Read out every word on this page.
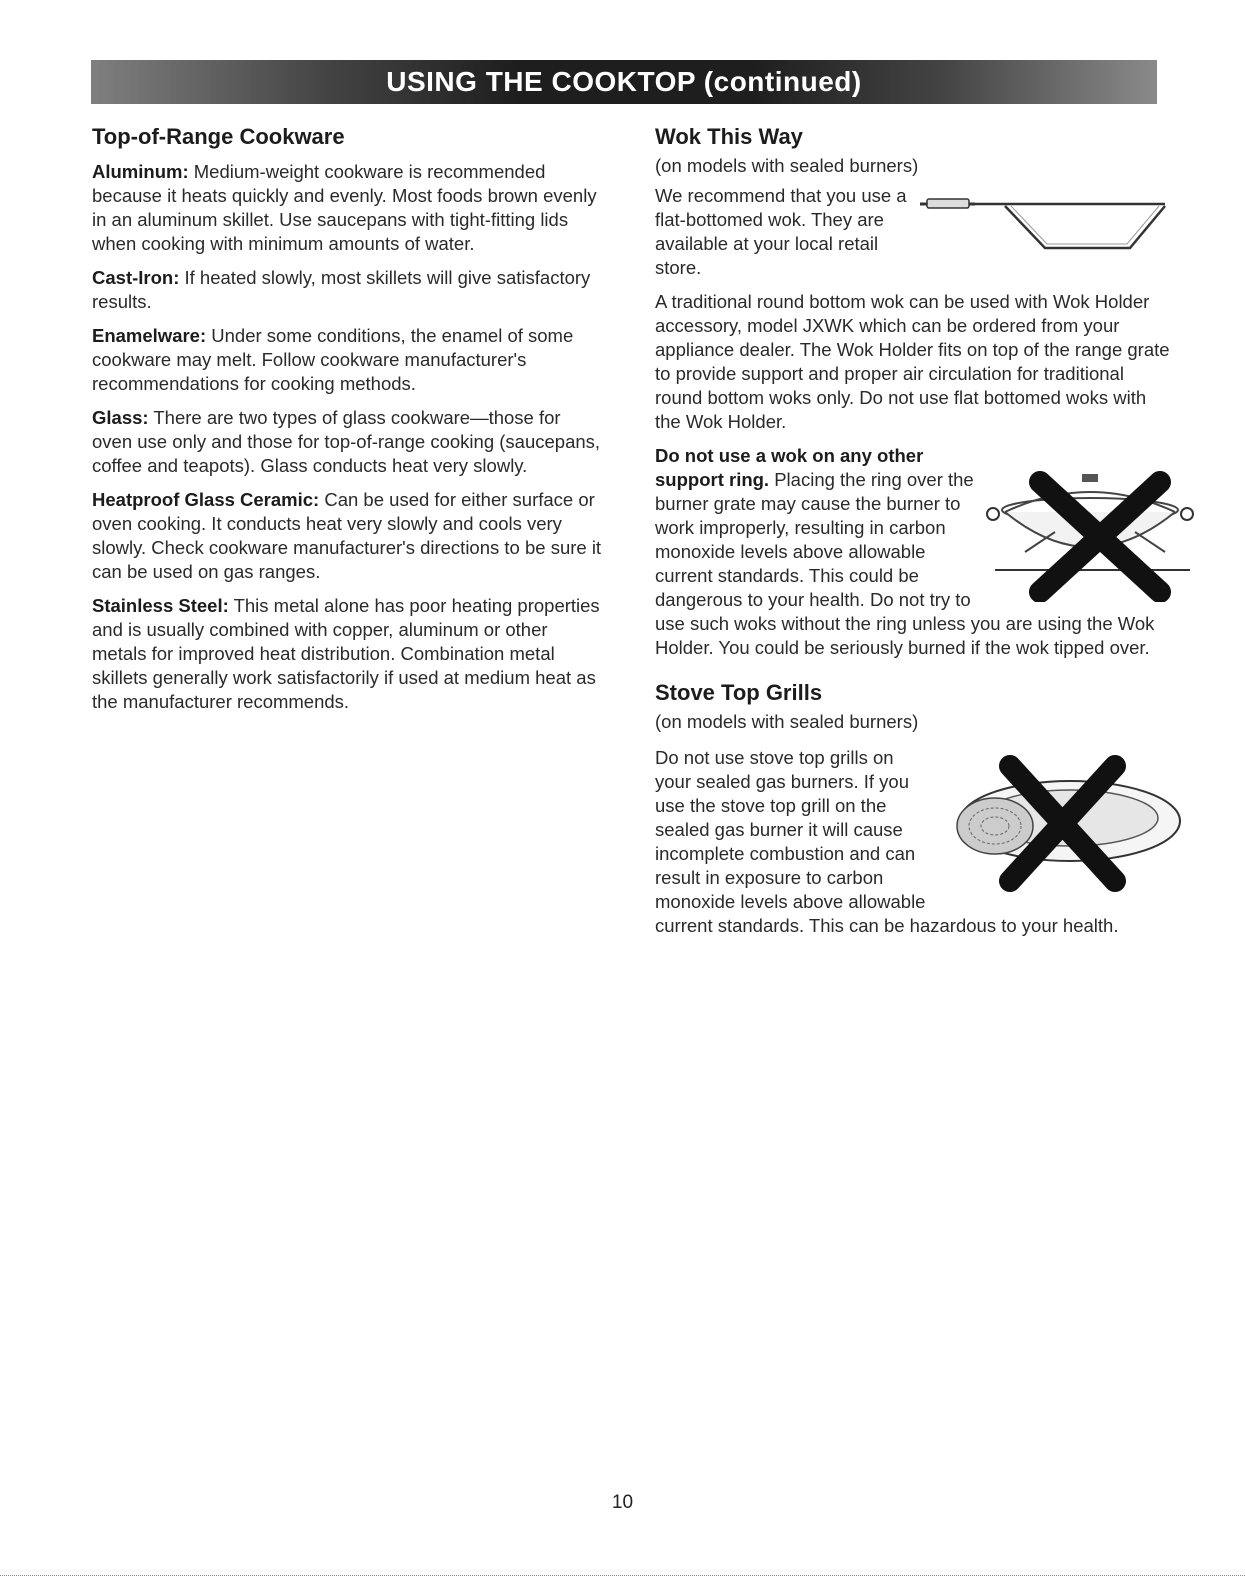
USING THE COOKTOP (continued)
Top-of-Range Cookware

Aluminum: Medium-weight cookware is recommended because it heats quickly and evenly. Most foods brown evenly in an aluminum skillet. Use saucepans with tight-fitting lids when cooking with minimum amounts of water.

Cast-Iron: If heated slowly, most skillets will give satisfactory results.

Enamelware: Under some conditions, the enamel of some cookware may melt. Follow cookware manufacturer's recommendations for cooking methods.

Glass: There are two types of glass cookware—those for oven use only and those for top-of-range cooking (saucepans, coffee and teapots). Glass conducts heat very slowly.

Heatproof Glass Ceramic: Can be used for either surface or oven cooking. It conducts heat very slowly and cools very slowly. Check cookware manufacturer's directions to be sure it can be used on gas ranges.

Stainless Steel: This metal alone has poor heating properties and is usually combined with copper, aluminum or other metals for improved heat distribution. Combination metal skillets generally work satisfactorily if used at medium heat as the manufacturer recommends.

Wok This Way

(on models with sealed burners)

We recommend that you use a flat-bottomed wok. They are available at your local retail store.

A traditional round bottom wok can be used with Wok Holder accessory, model JXWK which can be ordered from your appliance dealer. The Wok Holder fits on top of the range grate to provide support and proper air circulation for traditional round bottom woks only. Do not use flat bottomed woks with the Wok Holder.

Do not use a wok on any other support ring. Placing the ring over the burner grate may cause the burner to work improperly, resulting in carbon monoxide levels above allowable current standards. This could be dangerous to your health. Do not try to use such woks without the ring unless you are using the Wok Holder. You could be seriously burned if the wok tipped over.

Stove Top Grills

(on models with sealed burners)

Do not use stove top grills on your sealed gas burners. If you use the stove top grill on the sealed gas burner it will cause incomplete combustion and can result in exposure to carbon monoxide levels above allowable current standards. This can be hazardous to your health.

10
